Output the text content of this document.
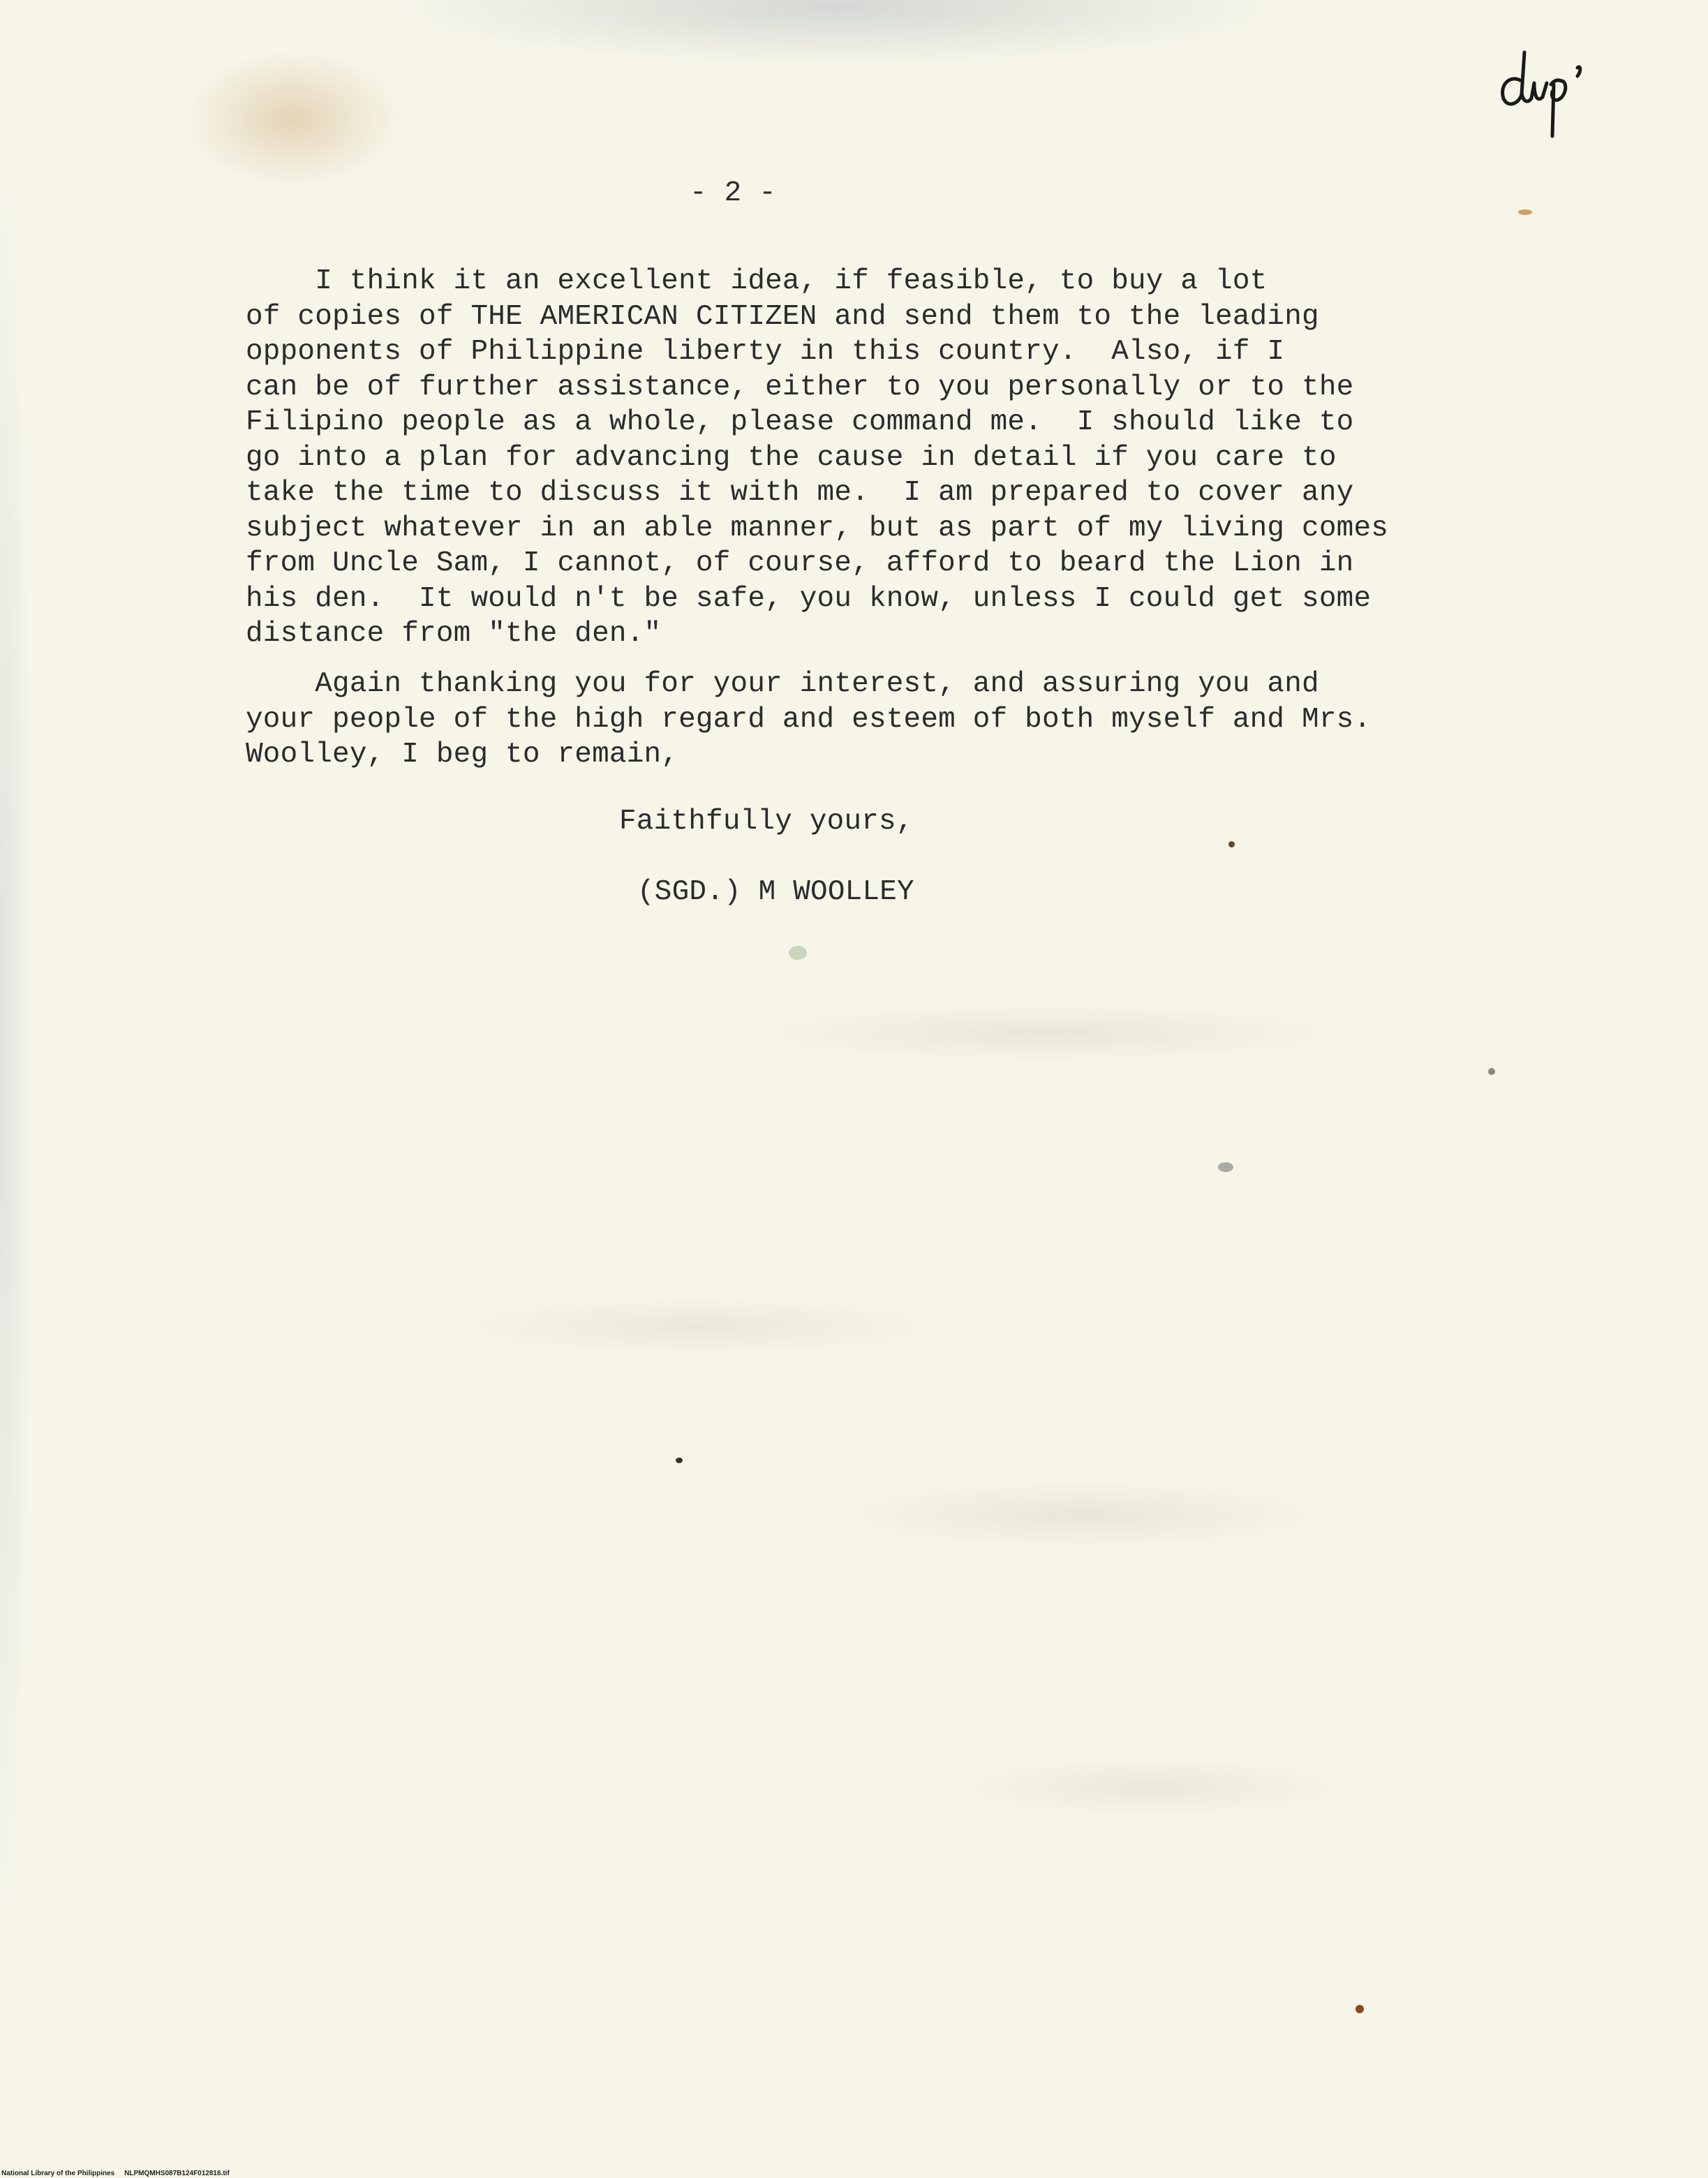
- 2 -
I think it an excellent idea, if feasible, to buy a lot
of copies of THE AMERICAN CITIZEN and send them to the leading
opponents of Philippine liberty in this country.  Also, if I
can be of further assistance, either to you personally or to the
Filipino people as a whole, please command me.  I should like to
go into a plan for advancing the cause in detail if you care to
take the time to discuss it with me.  I am prepared to cover any
subject whatever in an able manner, but as part of my living comes
from Uncle Sam, I cannot, of course, afford to beard the Lion in
his den.  It would n't be safe, you know, unless I could get some
distance from "the den."
Again thanking you for your interest, and assuring you and
your people of the high regard and esteem of both myself and Mrs.
Woolley, I beg to remain,
Faithfully yours,
(SGD.) M WOOLLEY
National Library of the Philippines NLPMQMHS087B124F012816.tif
